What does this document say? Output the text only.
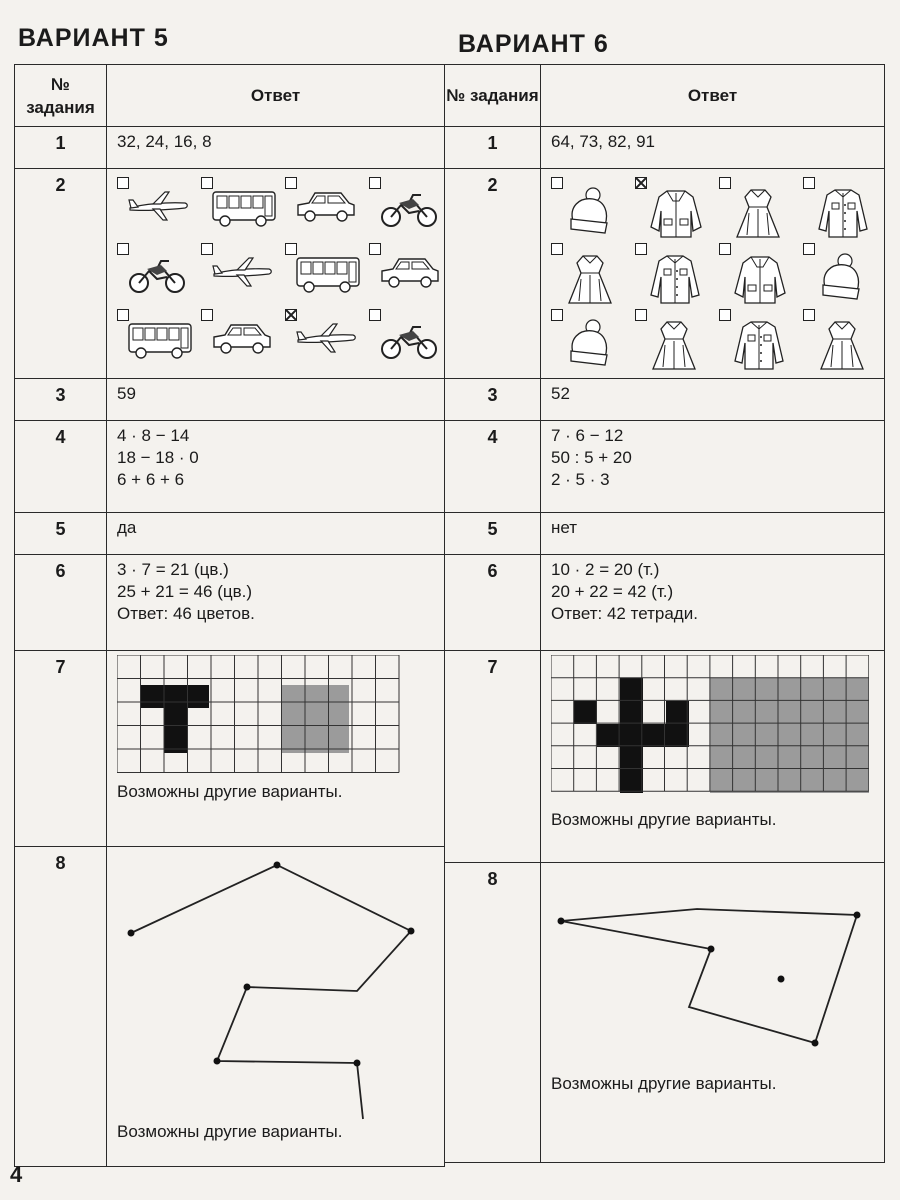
ВАРИАНТ 5	ВАРИАНТ 6
№ задания	Ответ
1	32, 24, 16, 8

2	

3	59

4	4 · 8 − 14
18 − 18 · 0
6 + 6 + 6

5	да

6	3 · 7 = 21 (цв.)
25 + 21 = 46 (цв.)
Ответ: 46 цветов.

7	Возможны другие варианты.

8	Возможны другие варианты.
№ задания	Ответ
1	64, 73, 82, 91

2	

3	52

4	7 · 6 − 12
50 : 5 + 20
2 · 5 · 3

5	нет

6	10 · 2 = 20 (т.)
20 + 22 = 42 (т.)
Ответ: 42 тетради.

7	Возможны другие варианты.

8	Возможны другие варианты.
4
